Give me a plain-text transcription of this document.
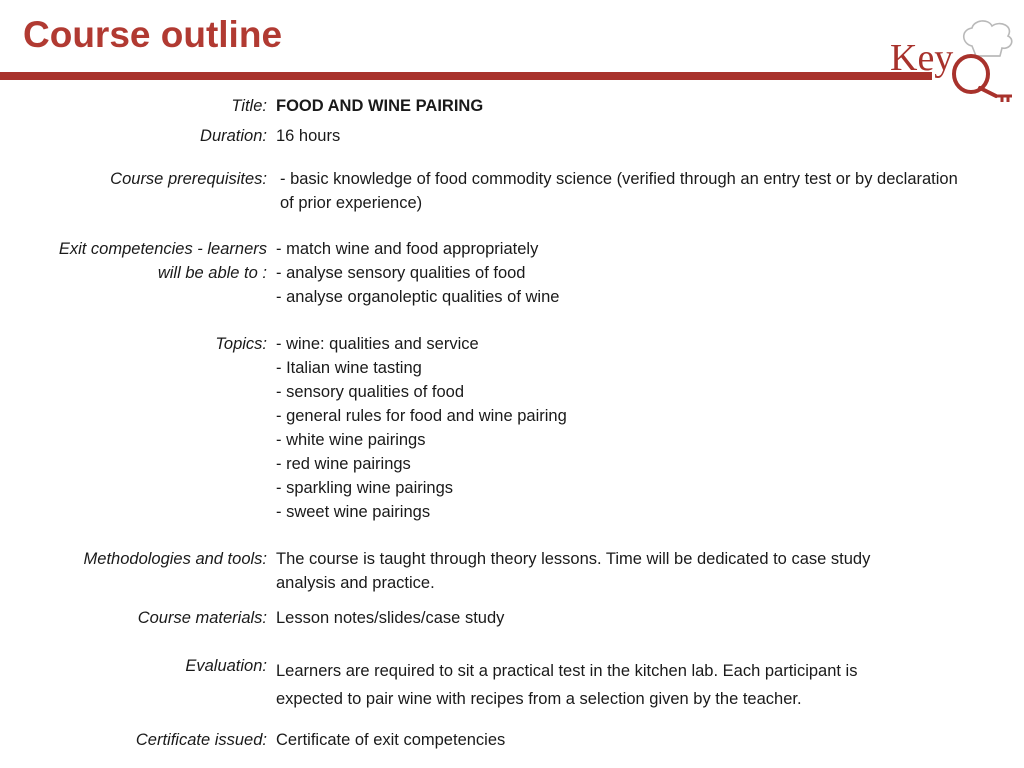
Course outline
Key
Title: FOOD AND WINE PAIRING
Duration: 16 hours
Course prerequisites: - basic knowledge of food commodity science (verified through an entry test or by declaration of prior experience)
Exit competencies - learners
will be able to :
- match wine and food appropriately
- analyse sensory qualities of food
- analyse organoleptic qualities of wine
Topics: - wine: qualities and service
- Italian wine tasting
- sensory qualities of food
- general rules for food and wine pairing
- white wine pairings
- red wine pairings
- sparkling wine pairings
- sweet wine pairings
Methodologies and tools: The course is taught through theory lessons. Time will be dedicated to case study
analysis and practice.
Course materials: Lesson notes/slides/case study
Evaluation: Learners are required to sit a practical test in the kitchen lab. Each participant is
expected to pair wine with recipes from a selection given by the teacher.
Certificate issued: Certificate of exit competencies
